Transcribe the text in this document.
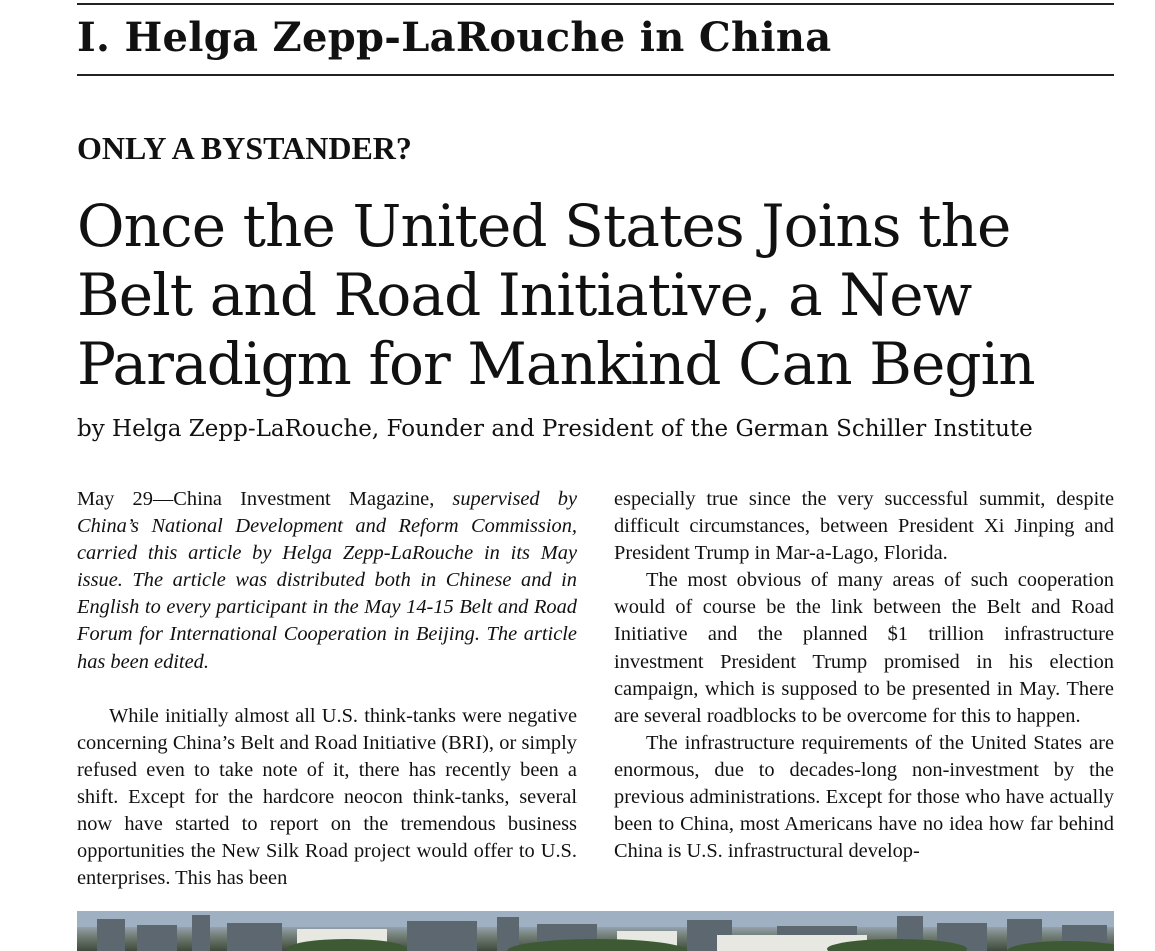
I. Helga Zepp-LaRouche in China
ONLY A BYSTANDER?
Once the United States Joins the
Belt and Road Initiative, a New
Paradigm for Mankind Can Begin

by Helga Zepp-LaRouche, Founder and President of the German Schiller Institute

May 29—China Investment Magazine, supervised by China’s National Development and Reform Commission, carried this article by Helga Zepp-LaRouche in its May issue. The article was distributed both in Chinese and in English to every participant in the May 14-15 Belt and Road Forum for International Cooperation in Beijing. The article has been edited.

While initially almost all U.S. think-tanks were negative concerning China’s Belt and Road Initiative (BRI), or simply refused even to take note of it, there has recently been a shift. Except for the hardcore neocon think-tanks, several now have started to report on the tremendous business opportunities the New Silk Road project would offer to U.S. enterprises. This has been

especially true since the very successful summit, despite difficult circumstances, between President Xi Jinping and President Trump in Mar-a-Lago, Florida.

The most obvious of many areas of such cooperation would of course be the link between the Belt and Road Initiative and the planned $1 trillion infrastructure investment President Trump promised in his election campaign, which is supposed to be presented in May. There are several roadblocks to be overcome for this to happen.

The infrastructure requirements of the United States are enormous, due to decades-long non-investment by the previous administrations. Except for those who have actually been to China, most Americans have no idea how far behind China is U.S. infrastructural develop-
